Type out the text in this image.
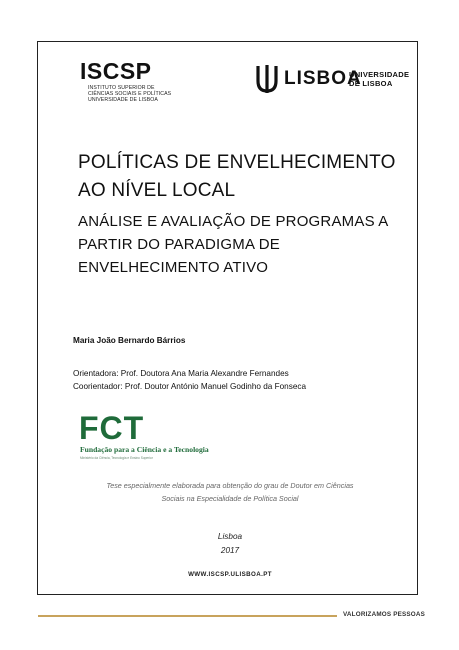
ISCSP
INSTITUTO SUPERIOR DE
CIÊNCIAS SOCIAIS E POLÍTICAS
UNIVERSIDADE DE LISBOA
LISBOA
UNIVERSIDADE
DE LISBOA
POLÍTICAS DE ENVELHECIMENTO
AO NÍVEL LOCAL
ANÁLISE E AVALIAÇÃO DE PROGRAMAS A
PARTIR DO PARADIGMA DE
ENVELHECIMENTO ATIVO
Maria João Bernardo Bárrios
Orientadora: Prof. Doutora Ana Maria Alexandre Fernandes
Coorientador: Prof. Doutor António Manuel Godinho da Fonseca
FCT
Fundação para a Ciência e a Tecnologia
Ministério da Ciência, Tecnologia e Ensino Superior
Tese especialmente elaborada para obtenção do grau de Doutor em Ciências
Sociais na Especialidade de Política Social
Lisboa
2017
WWW.ISCSP.ULISBOA.PT
VALORIZAMOS PESSOAS
